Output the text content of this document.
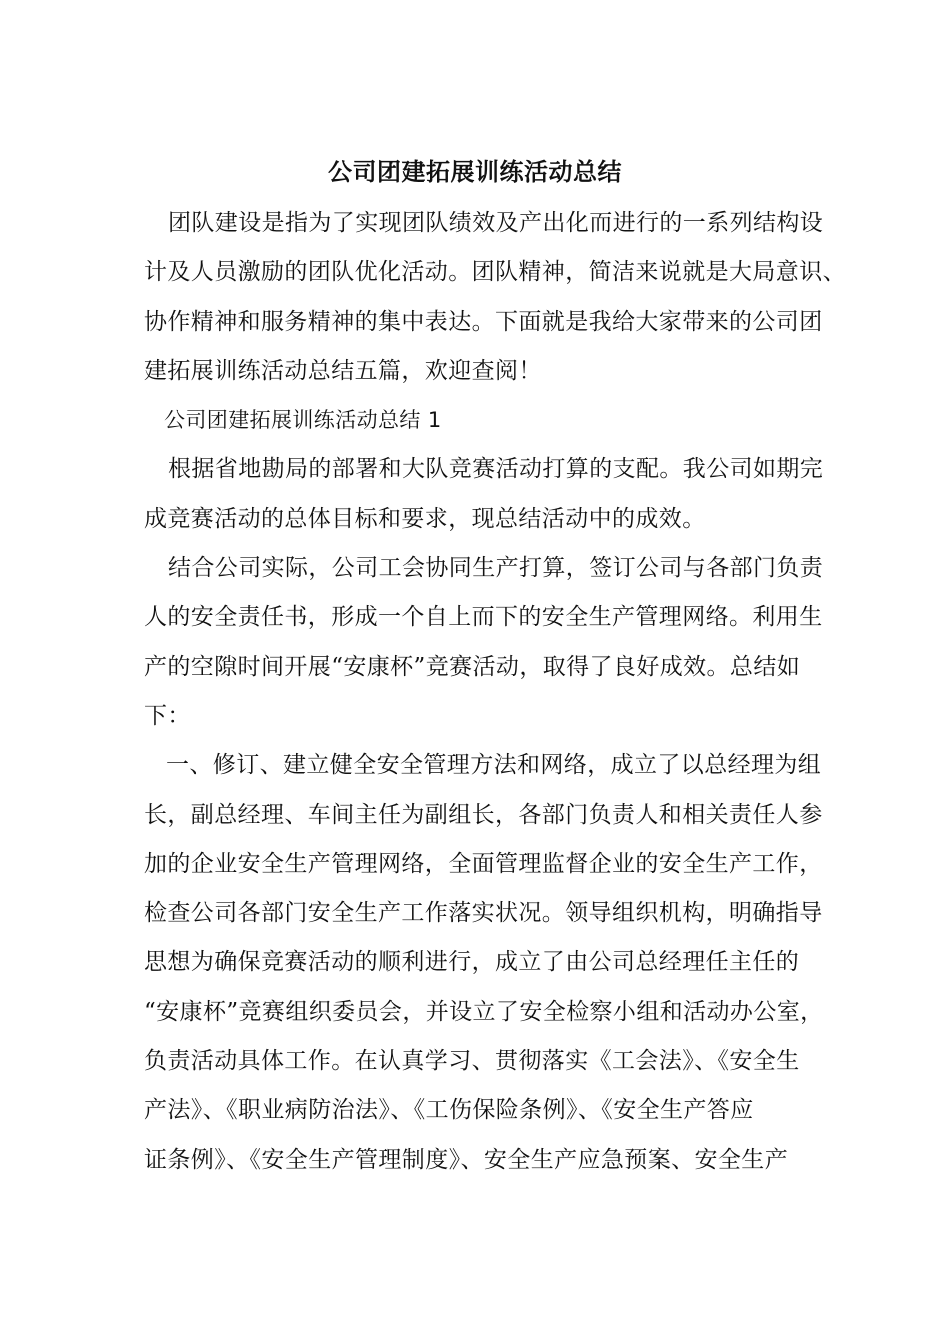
公司团建拓展训练活动总结
团队建设是指为了实现团队绩效及产出化而进行的一系列结构设
计及人员激励的团队优化活动。团队精神，简洁来说就是大局意识、
协作精神和服务精神的集中表达。下面就是我给大家带来的公司团
建拓展训练活动总结五篇，欢迎查阅！
公司团建拓展训练活动总结 1
根据省地勘局的部署和大队竞赛活动打算的支配。我公司如期完
成竞赛活动的总体目标和要求，现总结活动中的成效。
结合公司实际，公司工会协同生产打算，签订公司与各部门负责
人的安全责任书，形成一个自上而下的安全生产管理网络。利用生
产的空隙时间开展“安康杯”竞赛活动，取得了良好成效。总结如
下：
一、修订、建立健全安全管理方法和网络，成立了以总经理为组
长，副总经理、车间主任为副组长，各部门负责人和相关责任人参
加的企业安全生产管理网络，全面管理监督企业的安全生产工作，
检查公司各部门安全生产工作落实状况。领导组织机构，明确指导
思想为确保竞赛活动的顺利进行，成立了由公司总经理任主任的
“安康杯”竞赛组织委员会，并设立了安全检察小组和活动办公室，
负责活动具体工作。在认真学习、贯彻落实《工会法》、《安全生
产法》、《职业病防治法》、《工伤保险条例》、《安全生产答应
证条例》、《安全生产管理制度》、安全生产应急预案、安全生产
